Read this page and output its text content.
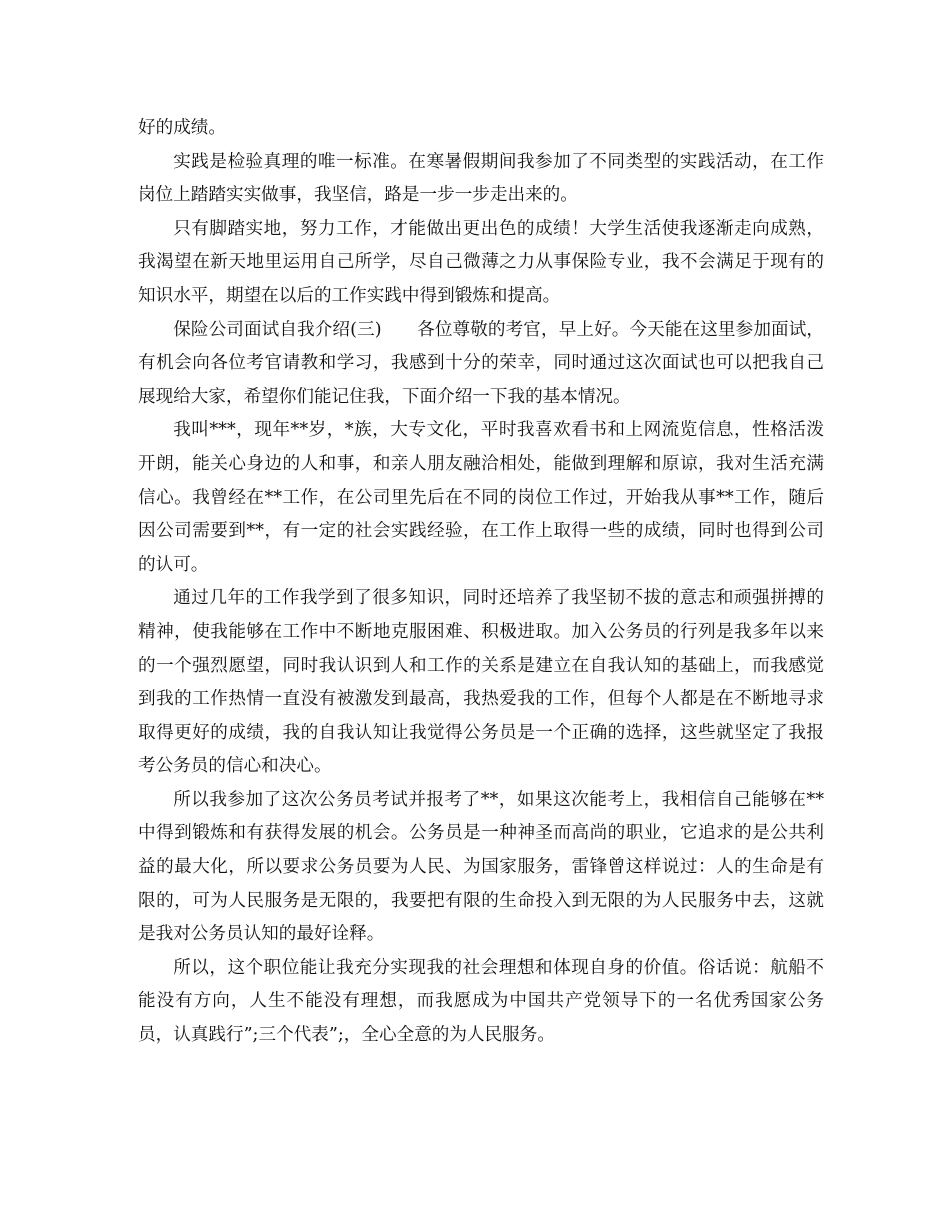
好的成绩。

实践是检验真理的唯一标准。在寒暑假期间我参加了不同类型的实践活动，在工作岗位上踏踏实实做事，我坚信，路是一步一步走出来的。

只有脚踏实地，努力工作，才能做出更出色的成绩！大学生活使我逐渐走向成熟，我渴望在新天地里运用自己所学，尽自己微薄之力从事保险专业，我不会满足于现有的知识水平，期望在以后的工作实践中得到锻炼和提高。

保险公司面试自我介绍(三)　　各位尊敬的考官，早上好。今天能在这里参加面试，有机会向各位考官请教和学习，我感到十分的荣幸，同时通过这次面试也可以把我自己展现给大家，希望你们能记住我，下面介绍一下我的基本情况。

我叫***，现年**岁，*族，大专文化，平时我喜欢看书和上网流览信息，性格活泼开朗，能关心身边的人和事，和亲人朋友融洽相处，能做到理解和原谅，我对生活充满信心。我曾经在**工作，在公司里先后在不同的岗位工作过，开始我从事**工作，随后因公司需要到**，有一定的社会实践经验，在工作上取得一些的成绩，同时也得到公司的认可。

通过几年的工作我学到了很多知识，同时还培养了我坚韧不拔的意志和顽强拼搏的精神，使我能够在工作中不断地克服困难、积极进取。加入公务员的行列是我多年以来的一个强烈愿望，同时我认识到人和工作的关系是建立在自我认知的基础上，而我感觉到我的工作热情一直没有被激发到最高，我热爱我的工作，但每个人都是在不断地寻求取得更好的成绩，我的自我认知让我觉得公务员是一个正确的选择，这些就坚定了我报考公务员的信心和决心。

所以我参加了这次公务员考试并报考了**，如果这次能考上，我相信自己能够在**中得到锻炼和有获得发展的机会。公务员是一种神圣而高尚的职业，它追求的是公共利益的最大化，所以要求公务员要为人民、为国家服务，雷锋曾这样说过：人的生命是有限的，可为人民服务是无限的，我要把有限的生命投入到无限的为人民服务中去，这就是我对公务员认知的最好诠释。

所以，这个职位能让我充分实现我的社会理想和体现自身的价值。俗话说：航船不能没有方向，人生不能没有理想，而我愿成为中国共产党领导下的一名优秀国家公务员，认真践行”;三个代表”;，全心全意的为人民服务。
